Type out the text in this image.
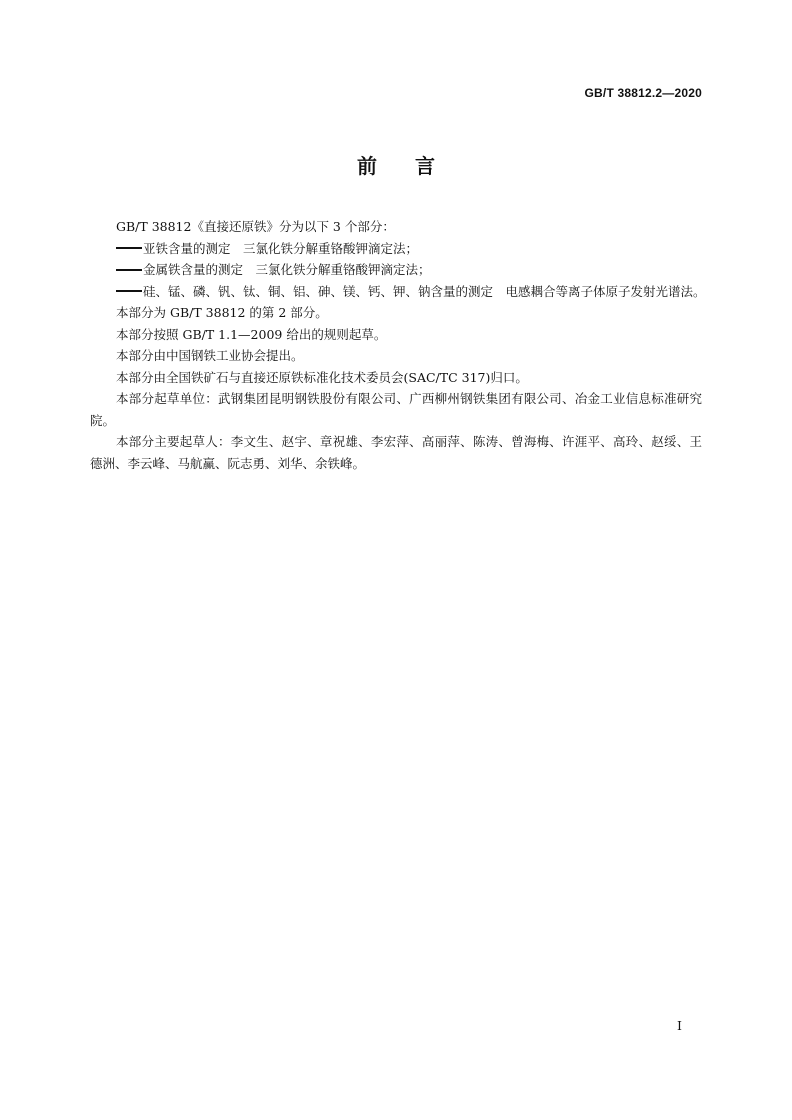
GB/T 38812.2—2020
前言

GB/T 38812《直接还原铁》分为以下 3 个部分：

亚铁含量的测定　三氯化铁分解重铬酸钾滴定法；

金属铁含量的测定　三氯化铁分解重铬酸钾滴定法；

硅、锰、磷、钒、钛、铜、铝、砷、镁、钙、钾、钠含量的测定　电感耦合等离子体原子发射光谱法。

本部分为 GB/T 38812 的第 2 部分。

本部分按照 GB/T 1.1—2009 给出的规则起草。

本部分由中国钢铁工业协会提出。

本部分由全国铁矿石与直接还原铁标准化技术委员会(SAC/TC 317)归口。

本部分起草单位：武钢集团昆明钢铁股份有限公司、广西柳州钢铁集团有限公司、冶金工业信息标准研究院。

本部分主要起草人：李文生、赵宇、章祝雄、李宏萍、高丽萍、陈涛、曾海梅、许涯平、高玲、赵绥、王德洲、李云峰、马航赢、阮志勇、刘华、余铁峰。

I
